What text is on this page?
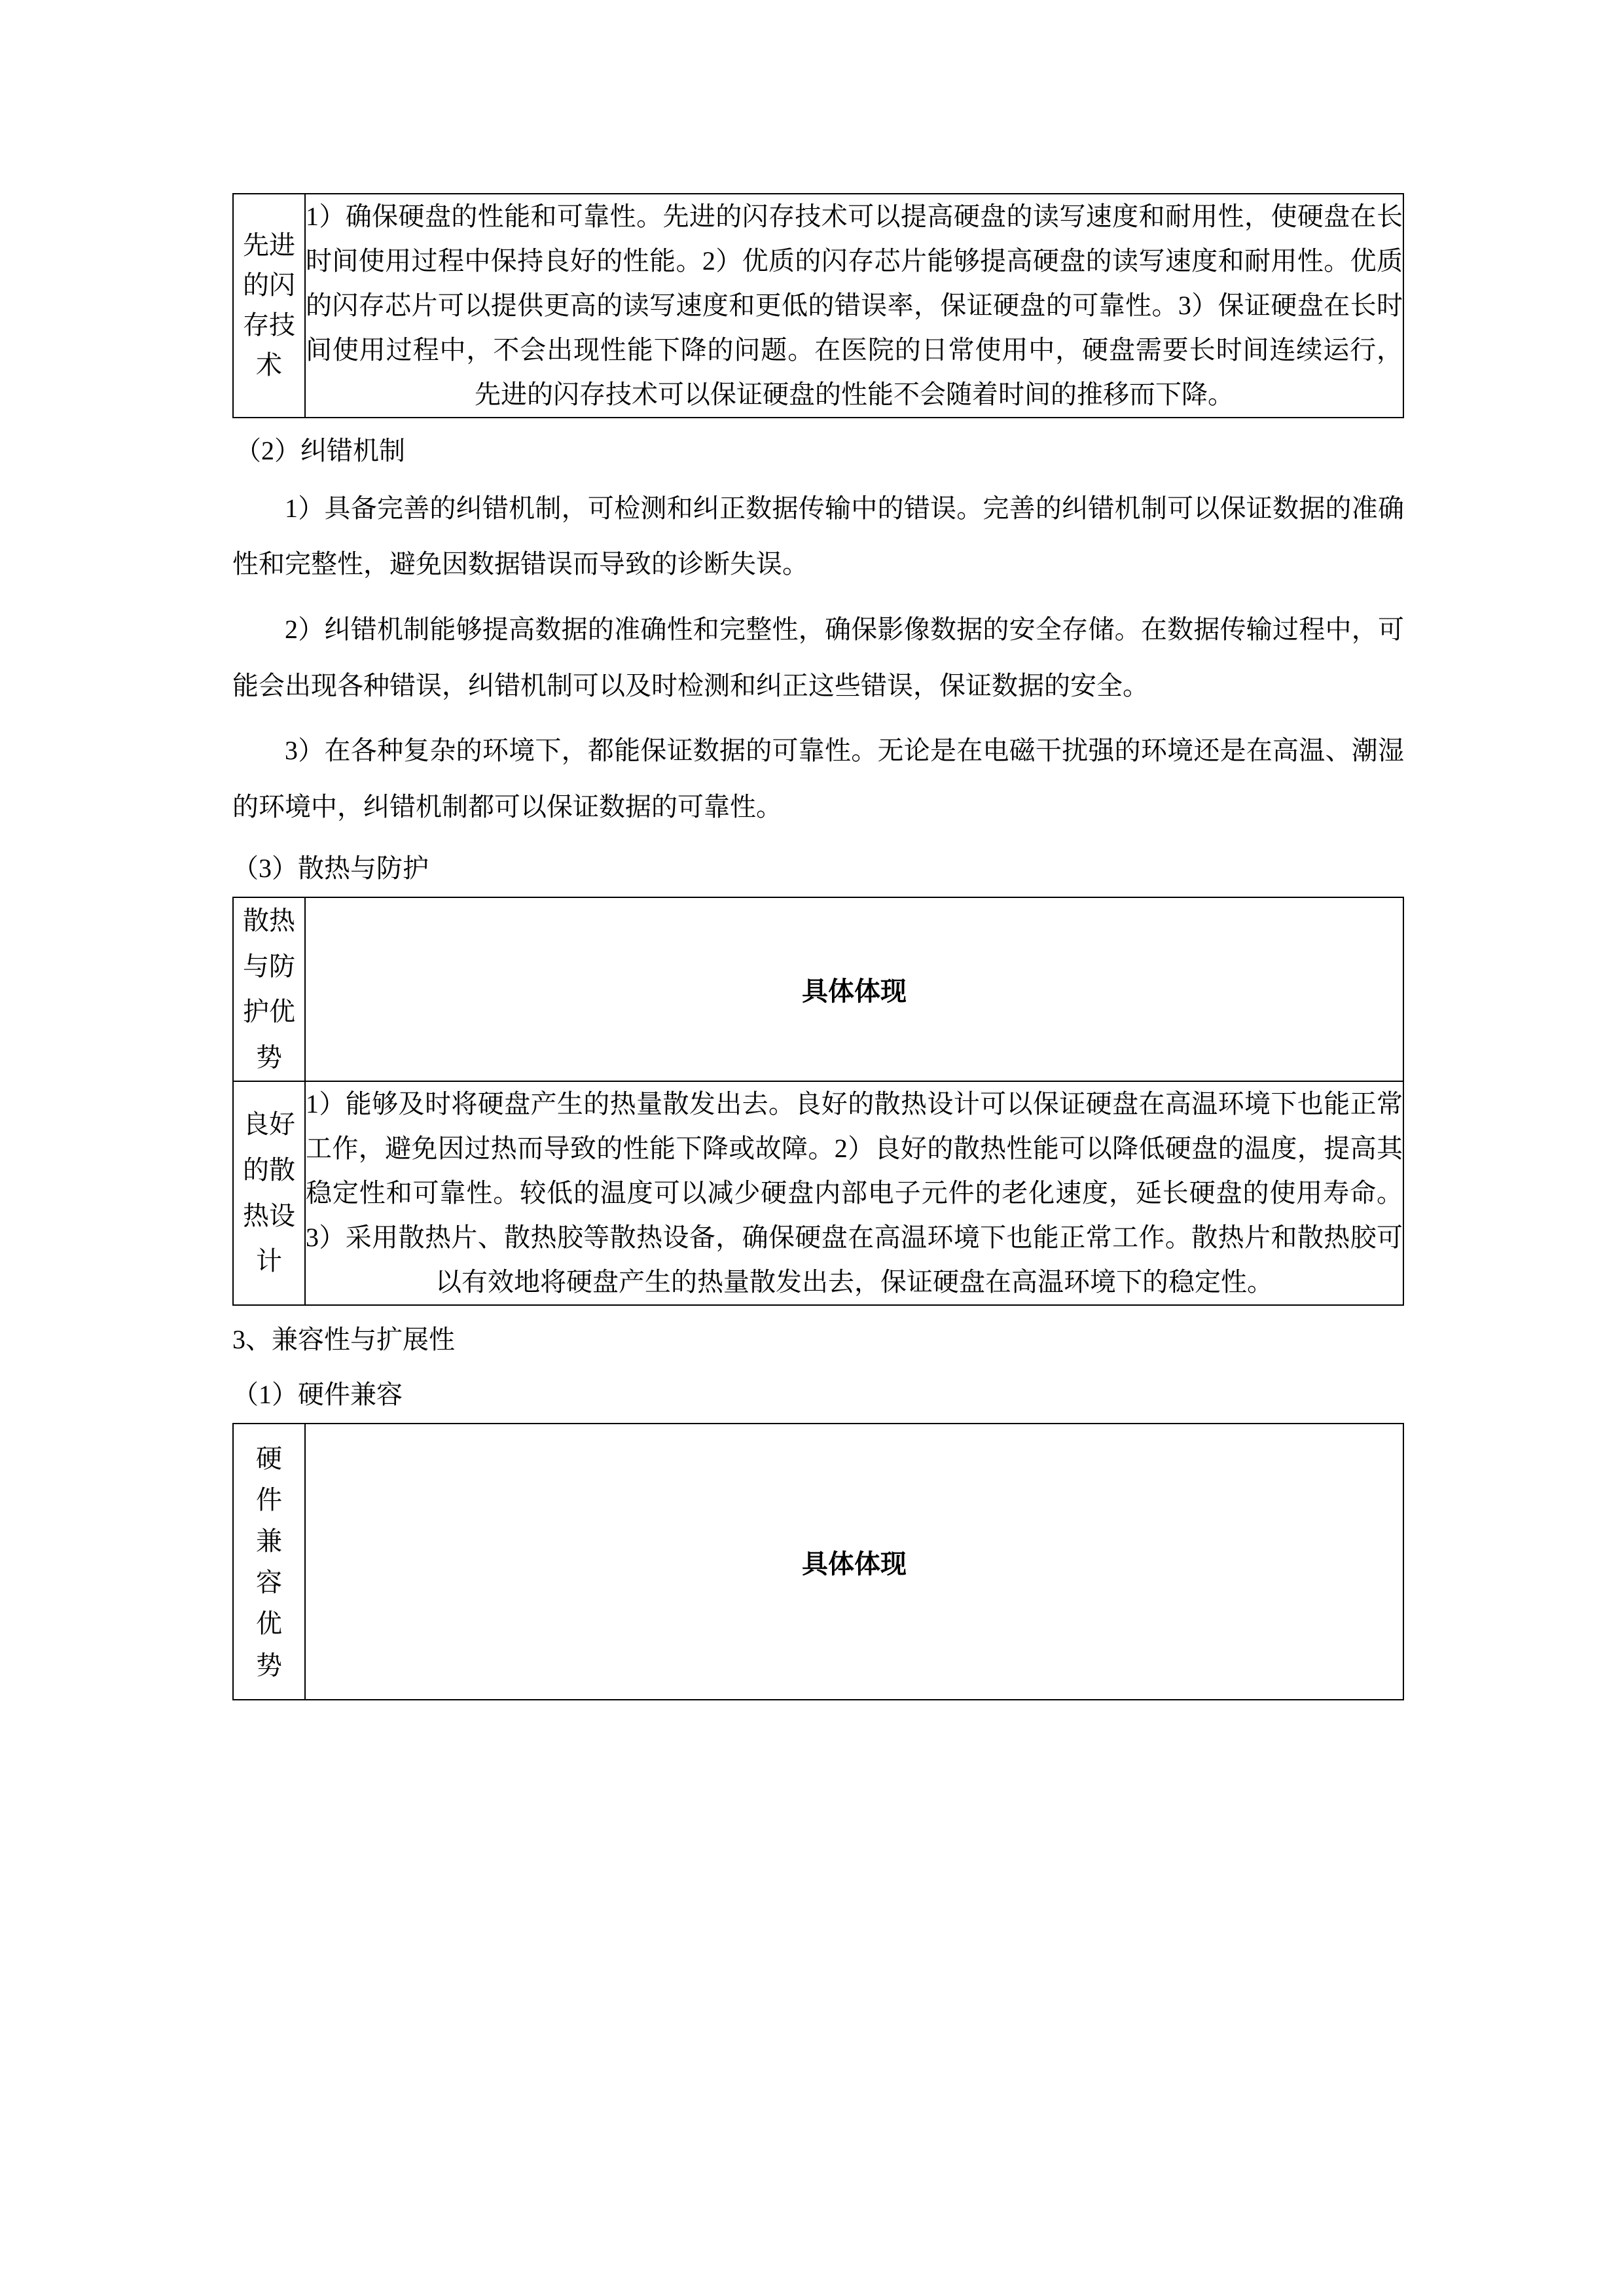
先进的闪存技术
	1）确保硬盘的性能和可靠性。先进的闪存技术可以提高硬盘的读写速度和耐用性，使硬盘在长时间使用过程中保持良好的性能。2）优质的闪存芯片能够提高硬盘的读写速度和耐用性。优质的闪存芯片可以提供更高的读写速度和更低的错误率，保证硬盘的可靠性。3）保证硬盘在长时间使用过程中，不会出现性能下降的问题。在医院的日常使用中，硬盘需要长时间连续运行，先进的闪存技术可以保证硬盘的性能不会随着时间的推移而下降。

（2）纠错机制

1）具备完善的纠错机制，可检测和纠正数据传输中的错误。完善的纠错机制可以保证数据的准确性和完整性，避免因数据错误而导致的诊断失误。

2）纠错机制能够提高数据的准确性和完整性，确保影像数据的安全存储。在数据传输过程中，可能会出现各种错误，纠错机制可以及时检测和纠正这些错误，保证数据的安全。

3）在各种复杂的环境下，都能保证数据的可靠性。无论是在电磁干扰强的环境还是在高温、潮湿的环境中，纠错机制都可以保证数据的可靠性。

（3）散热与防护

散热
与防
护优
势	具体体现

良好
的散
热设
计	1）能够及时将硬盘产生的热量散发出去。良好的散热设计可以保证硬盘在高温环境下也能正常工作，避免因过热而导致的性能下降或故障。2）良好的散热性能可以降低硬盘的温度，提高其稳定性和可靠性。较低的温度可以减少硬盘内部电子元件的老化速度，延长硬盘的使用寿命。3）采用散热片、散热胶等散热设备，确保硬盘在高温环境下也能正常工作。散热片和散热胶可以有效地将硬盘产生的热量散发出去，保证硬盘在高温环境下的稳定性。

3、兼容性与扩展性

（1）硬件兼容

硬
件
兼
容
优
势
	具体体现
